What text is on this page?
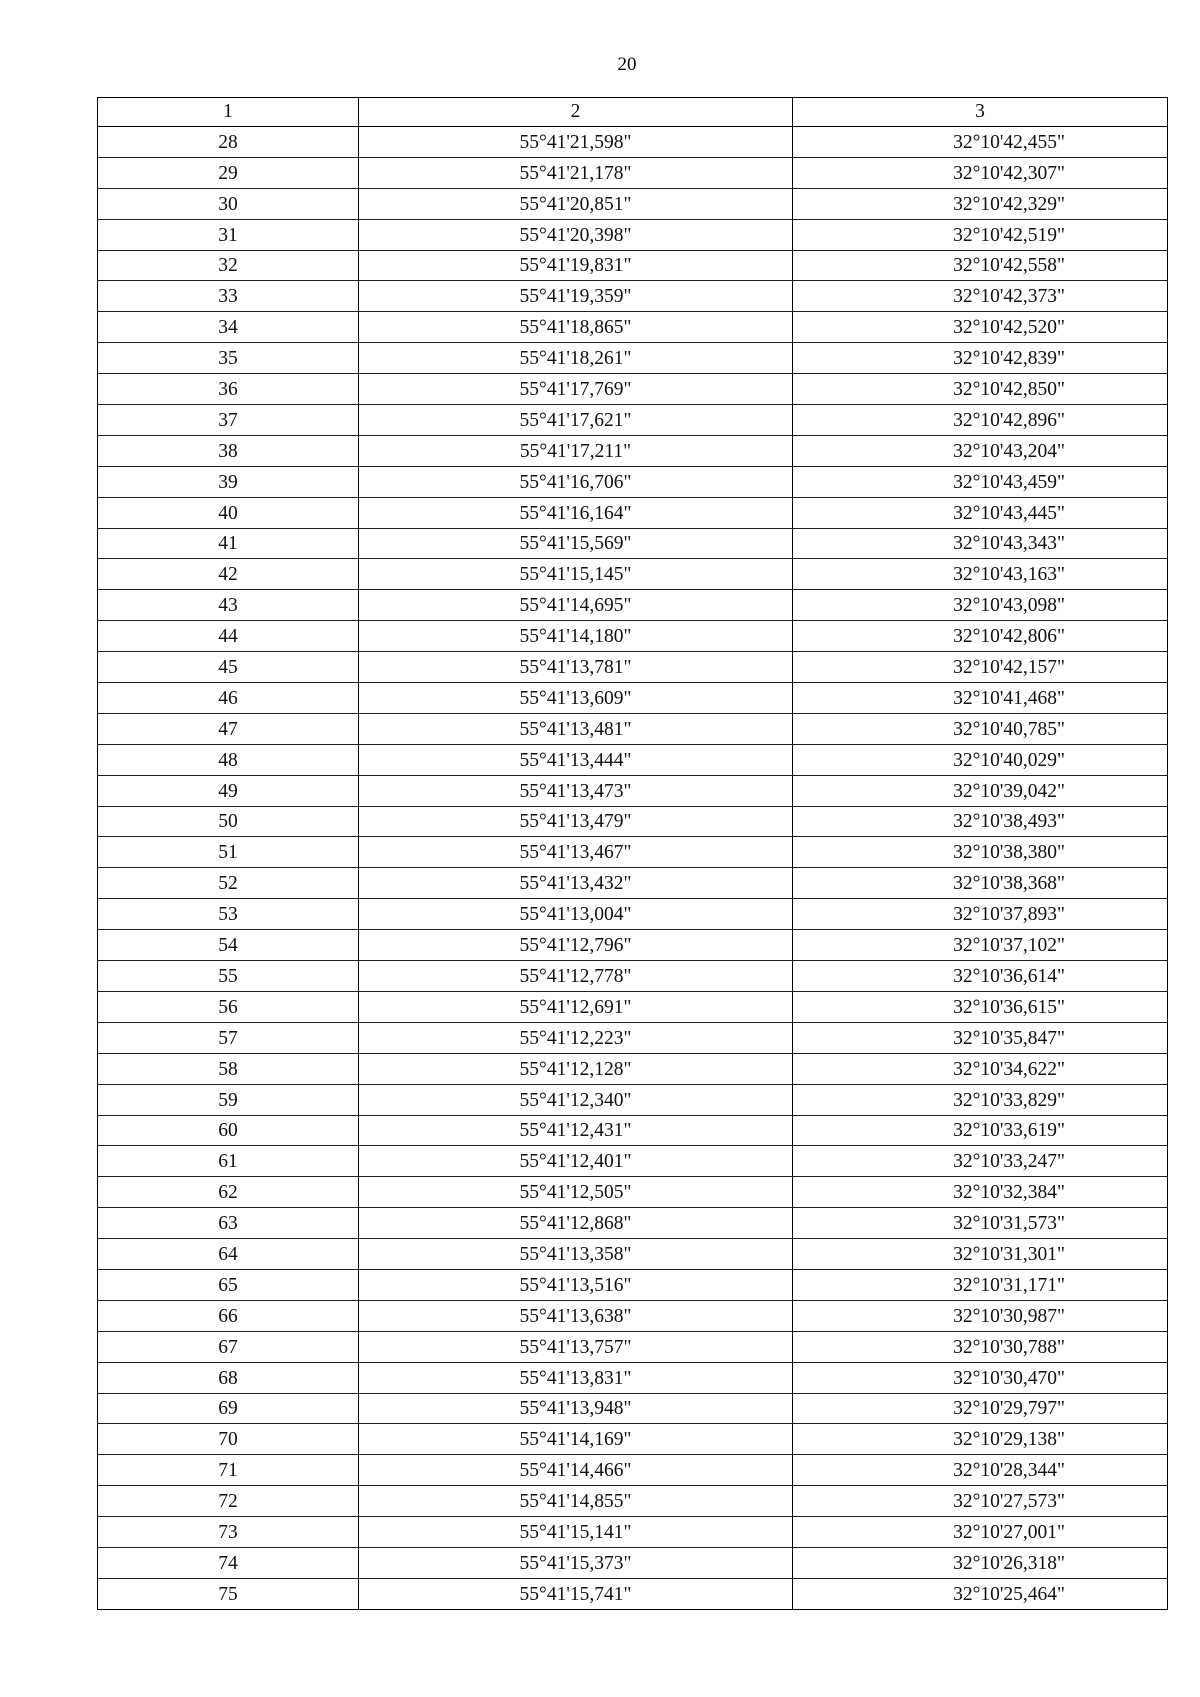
20
1	2	3
28	55°41'21,598"	32°10'42,455"
29	55°41'21,178"	32°10'42,307"
30	55°41'20,851"	32°10'42,329"
31	55°41'20,398"	32°10'42,519"
32	55°41'19,831"	32°10'42,558"
33	55°41'19,359"	32°10'42,373"
34	55°41'18,865"	32°10'42,520"
35	55°41'18,261"	32°10'42,839"
36	55°41'17,769"	32°10'42,850"
37	55°41'17,621"	32°10'42,896"
38	55°41'17,211"	32°10'43,204"
39	55°41'16,706"	32°10'43,459"
40	55°41'16,164"	32°10'43,445"
41	55°41'15,569"	32°10'43,343"
42	55°41'15,145"	32°10'43,163"
43	55°41'14,695"	32°10'43,098"
44	55°41'14,180"	32°10'42,806"
45	55°41'13,781"	32°10'42,157"
46	55°41'13,609"	32°10'41,468"
47	55°41'13,481"	32°10'40,785"
48	55°41'13,444"	32°10'40,029"
49	55°41'13,473"	32°10'39,042"
50	55°41'13,479"	32°10'38,493"
51	55°41'13,467"	32°10'38,380"
52	55°41'13,432"	32°10'38,368"
53	55°41'13,004"	32°10'37,893"
54	55°41'12,796"	32°10'37,102"
55	55°41'12,778"	32°10'36,614"
56	55°41'12,691"	32°10'36,615"
57	55°41'12,223"	32°10'35,847"
58	55°41'12,128"	32°10'34,622"
59	55°41'12,340"	32°10'33,829"
60	55°41'12,431"	32°10'33,619"
61	55°41'12,401"	32°10'33,247"
62	55°41'12,505"	32°10'32,384"
63	55°41'12,868"	32°10'31,573"
64	55°41'13,358"	32°10'31,301"
65	55°41'13,516"	32°10'31,171"
66	55°41'13,638"	32°10'30,987"
67	55°41'13,757"	32°10'30,788"
68	55°41'13,831"	32°10'30,470"
69	55°41'13,948"	32°10'29,797"
70	55°41'14,169"	32°10'29,138"
71	55°41'14,466"	32°10'28,344"
72	55°41'14,855"	32°10'27,573"
73	55°41'15,141"	32°10'27,001"
74	55°41'15,373"	32°10'26,318"
75	55°41'15,741"	32°10'25,464"
